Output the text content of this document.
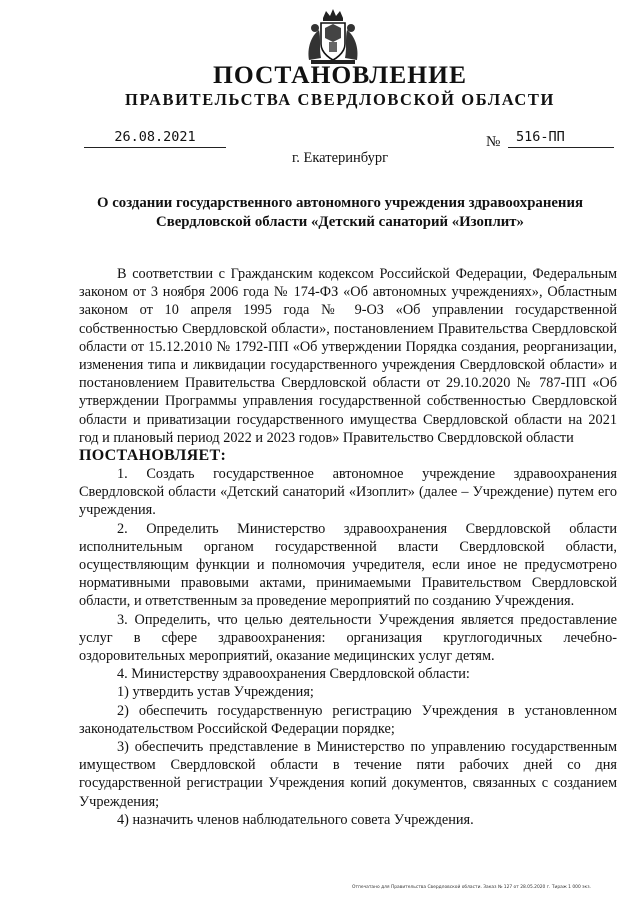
ПОСТАНОВЛЕНИЕ
ПРАВИТЕЛЬСТВА СВЕРДЛОВСКОЙ ОБЛАСТИ
26.08.2021	№	516-ПП
г. Екатеринбург
О создании государственного автономного учреждения здравоохранения
Свердловской области «Детский санаторий «Изоплит»

В соответствии с Гражданским кодексом Российской Федерации, Федеральным законом от 3 ноября 2006 года № 174-ФЗ «Об автономных учреждениях», Областным законом от 10 апреля 1995 года № 9-ОЗ «Об управлении государственной собственностью Свердловской области», постановлением Правительства Свердловской области от 15.12.2010 № 1792-ПП «Об утверждении Порядка создания, реорганизации, изменения типа и ликвидации государственного учреждения Свердловской области» и постановлением Правительства Свердловской области от 29.10.2020 № 787-ПП «Об утверждении Программы управления государственной собственностью Свердловской области и приватизации государственного имущества Свердловской области на 2021 год и плановый период 2022 и 2023 годов» Правительство Свердловской области

ПОСТАНОВЛЯЕТ:

1. Создать государственное автономное учреждение здравоохранения Свердловской области «Детский санаторий «Изоплит» (далее – Учреждение) путем его учреждения.

2. Определить Министерство здравоохранения Свердловской области исполнительным органом государственной власти Свердловской области, осуществляющим функции и полномочия учредителя, если иное не предусмотрено нормативными правовыми актами, принимаемыми Правительством Свердловской области, и ответственным за проведение мероприятий по созданию Учреждения.

3. Определить, что целью деятельности Учреждения является предоставление услуг в сфере здравоохранения: организация круглогодичных лечебно-оздоровительных мероприятий, оказание медицинских услуг детям.

4. Министерству здравоохранения Свердловской области:

1) утвердить устав Учреждения;

2) обеспечить государственную регистрацию Учреждения в установленном законодательством Российской Федерации порядке;

3) обеспечить представление в Министерство по управлению государственным имуществом Свердловской области в течение пяти рабочих дней со дня государственной регистрации Учреждения копий документов, связанных с созданием Учреждения;

4) назначить членов наблюдательного совета Учреждения.

Отпечатано для Правительства Свердловской области. Заказ № 127 от 28.05.2020 г. Тираж 1 000 экз.
